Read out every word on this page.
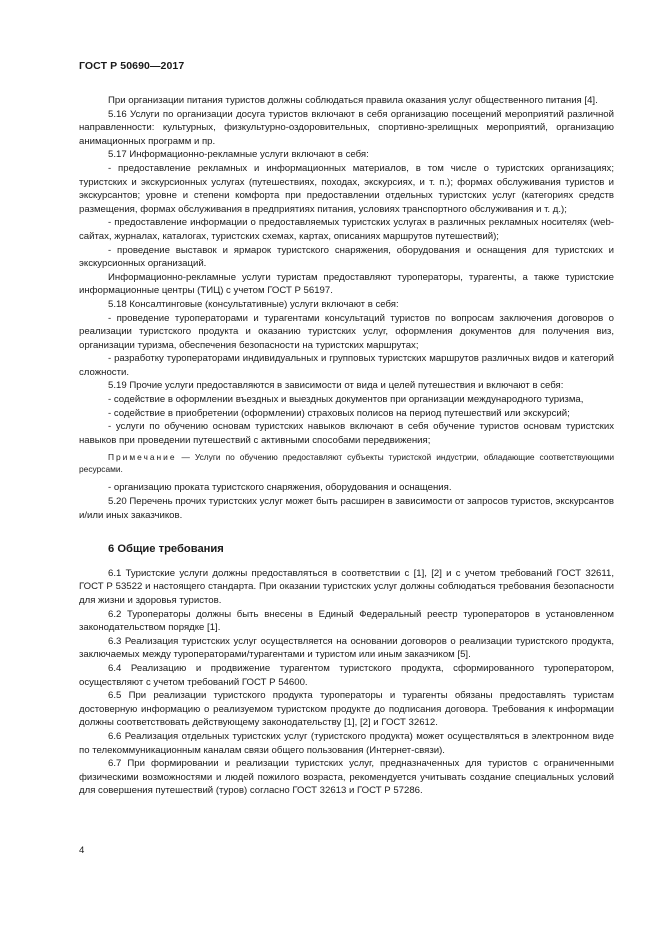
ГОСТ Р 50690—2017

При организации питания туристов должны соблюдаться правила оказания услуг общественного питания [4].

5.16 Услуги по организации досуга туристов включают в себя организацию посещений мероприятий различной направленности: культурных, физкультурно-оздоровительных, спортивно-зрелищных мероприятий, организацию анимационных программ и пр.

5.17 Информационно-рекламные услуги включают в себя:

- предоставление рекламных и информационных материалов, в том числе о туристских организациях; туристских и экскурсионных услугах (путешествиях, походах, экскурсиях, и т. п.); формах обслуживания туристов и экскурсантов; уровне и степени комфорта при предоставлении отдельных туристских услуг (категориях средств размещения, формах обслуживания в предприятиях питания, условиях транспортного обслуживания и т. д.);

- предоставление информации о предоставляемых туристских услугах в различных рекламных носителях (web-сайтах, журналах, каталогах, туристских схемах, картах, описаниях маршрутов путешествий);

- проведение выставок и ярмарок туристского снаряжения, оборудования и оснащения для туристских и экскурсионных организаций.

Информационно-рекламные услуги туристам предоставляют туроператоры, турагенты, а также туристские информационные центры (ТИЦ) с учетом ГОСТ Р 56197.

5.18 Консалтинговые (консультативные) услуги включают в себя:

- проведение туроператорами и турагентами консультаций туристов по вопросам заключения договоров о реализации туристского продукта и оказанию туристских услуг, оформления документов для получения виз, организации туризма, обеспечения безопасности на туристских маршрутах;

- разработку туроператорами индивидуальных и групповых туристских маршрутов различных видов и категорий сложности.

5.19 Прочие услуги предоставляются в зависимости от вида и целей путешествия и включают в себя:

- содействие в оформлении въездных и выездных документов при организации международного туризма,

- содействие в приобретении (оформлении) страховых полисов на период путешествий или экскурсий;

- услуги по обучению основам туристских навыков включают в себя обучение туристов основам туристских навыков при проведении путешествий с активными способами передвижения;

Примечание — Услуги по обучению предоставляют субъекты туристской индустрии, обладающие соответствующими ресурсами.

- организацию проката туристского снаряжения, оборудования и оснащения.

5.20 Перечень прочих туристских услуг может быть расширен в зависимости от запросов туристов, экскурсантов и/или иных заказчиков.

6 Общие требования

6.1 Туристские услуги должны предоставляться в соответствии с [1], [2] и с учетом требований ГОСТ 32611, ГОСТ Р 53522 и настоящего стандарта. При оказании туристских услуг должны соблюдаться требования безопасности для жизни и здоровья туристов.

6.2 Туроператоры должны быть внесены в Единый Федеральный реестр туроператоров в установленном законодательством порядке [1].

6.3 Реализация туристских услуг осуществляется на основании договоров о реализации туристского продукта, заключаемых между туроператорами/турагентами и туристом или иным заказчиком [5].

6.4 Реализацию и продвижение турагентом туристского продукта, сформированного туроператором, осуществляют с учетом требований ГОСТ Р 54600.

6.5 При реализации туристского продукта туроператоры и турагенты обязаны предоставлять туристам достоверную информацию о реализуемом туристском продукте до подписания договора. Требования к информации должны соответствовать действующему законодательству [1], [2] и ГОСТ 32612.

6.6 Реализация отдельных туристских услуг (туристского продукта) может осуществляться в электронном виде по телекоммуникационным каналам связи общего пользования (Интернет-связи).

6.7 При формировании и реализации туристских услуг, предназначенных для туристов с ограниченными физическими возможностями и людей пожилого возраста, рекомендуется учитывать создание специальных условий для совершения путешествий (туров) согласно ГОСТ 32613 и ГОСТ Р 57286.

4
